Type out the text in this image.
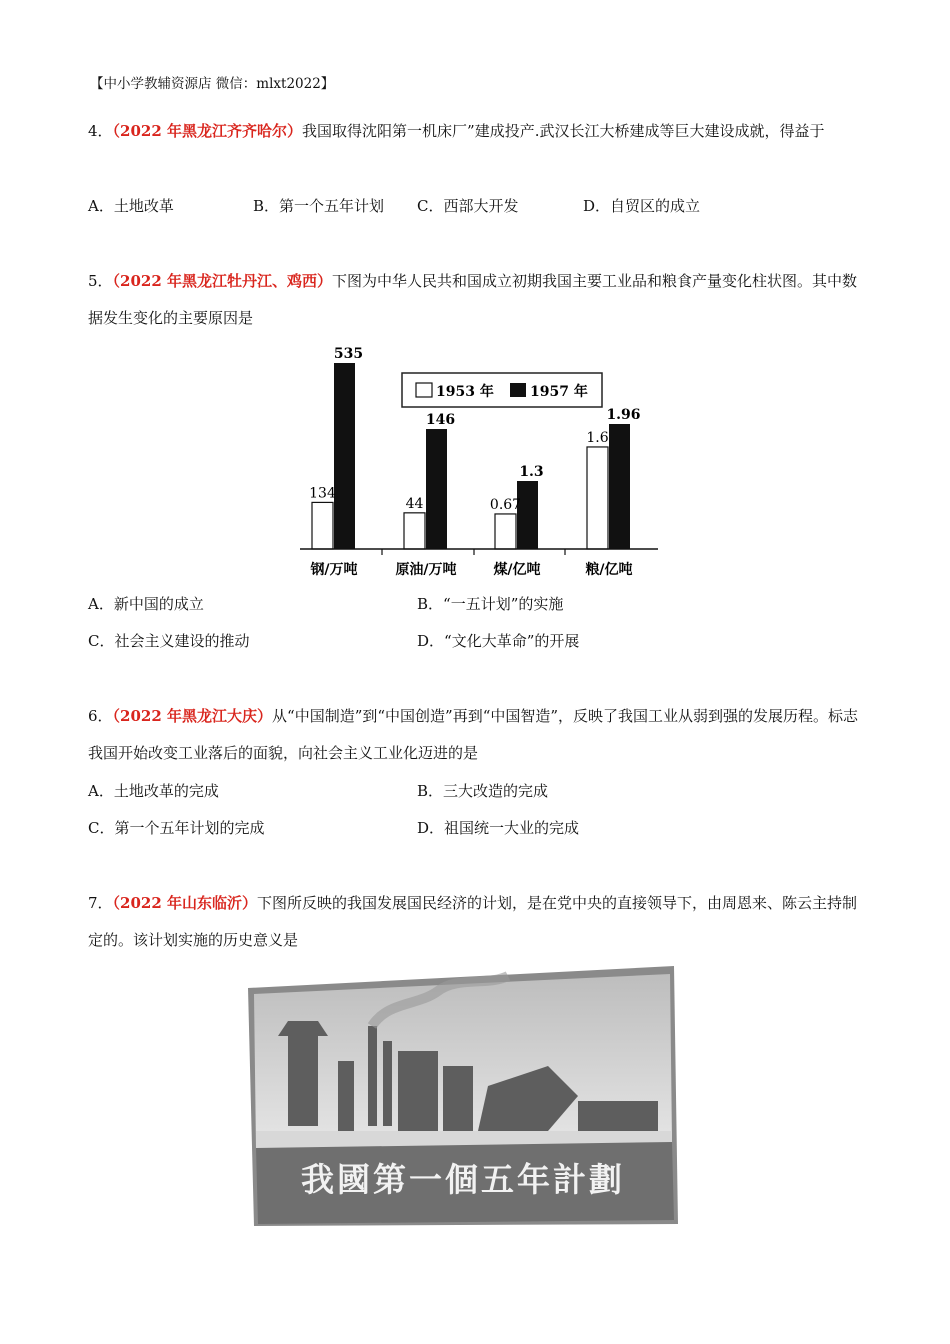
【中小学教辅资源店 微信：mlxt2022】
4．（2022 年黑龙江齐齐哈尔）我国取得沈阳第一机床厂”建成投产.武汉长江大桥建成等巨大建设成就，得益于
A．土地改革	B．第一个五年计划 C．西部大开发	D．自贸区的成立
5．（2022 年黑龙江牡丹江、鸡西）下图为中华人民共和国成立初期我国主要工业品和粮食产量变化柱状图。其中数据发生变化的主要原因是
1953 年	1957 年
134
535
钢/万吨
44
146
原油/万吨
0.67
1.3
煤/亿吨
1.6
1.96
粮/亿吨
A．新中国的成立	B．“一五计划”的实施
C．社会主义建设的推动	D．“文化大革命”的开展
6．（2022 年黑龙江大庆）从“中国制造”到“中国创造”再到“中国智造”，反映了我国工业从弱到强的发展历程。标志我国开始改变工业落后的面貌，向社会主义工业化迈进的是
A．土地改革的完成	B．三大改造的完成
C．第一个五年计划的完成	D．祖国统一大业的完成
7．（2022 年山东临沂）下图所反映的我国发展国民经济的计划，是在党中央的直接领导下，由周恩来、陈云主持制定的。该计划实施的历史意义是
我國第一個五年計劃
